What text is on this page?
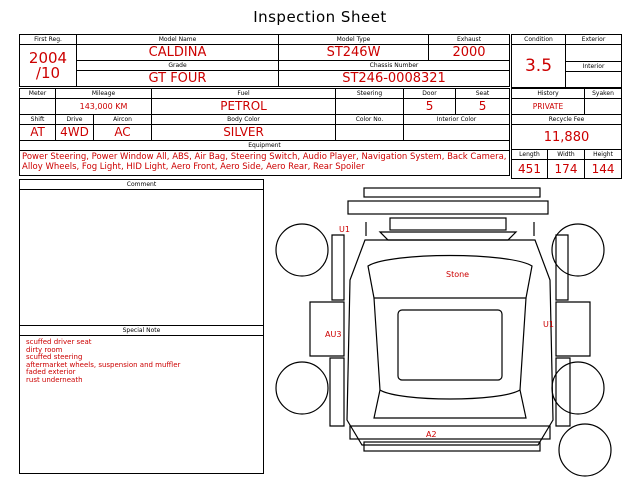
Inspection Sheet
First Reg.	Model Name	Model Type	Exhaust

2004
/10	CALDINA	ST246W	2000
	Grade	Chassis Number	
	GT FOUR	ST246-0008321	
Condition	Exterior
3.5	
	Interior

Meter	Mileage		Fuel	Steering	Door	Seat
	143,000 KM		PETROL		5	5
Shift	Drive	Aircon	Body Color	Color No.	Interior Color	
AT	4WD	AC	SILVER			
Equipment						
Power Steering, Power Window All, ABS, Air Bag, Steering Switch, Audio Player, Navigation System, Back Camera, Alloy Wheels, Fog Light, HID Light, Aero Front, Aero Side, Aero Rear, Rear Spoiler						
History		Syaken
PRIVATE		
Recycle Fee		
11,880		
Length	Width	Height
451	174	144
Comment
Special Note
scuffed driver seat
dirty room
scuffed steering
aftermarket wheels, suspension and muffler
faded exterior
rust underneath
U1
Stone
AU3
U1
A2
